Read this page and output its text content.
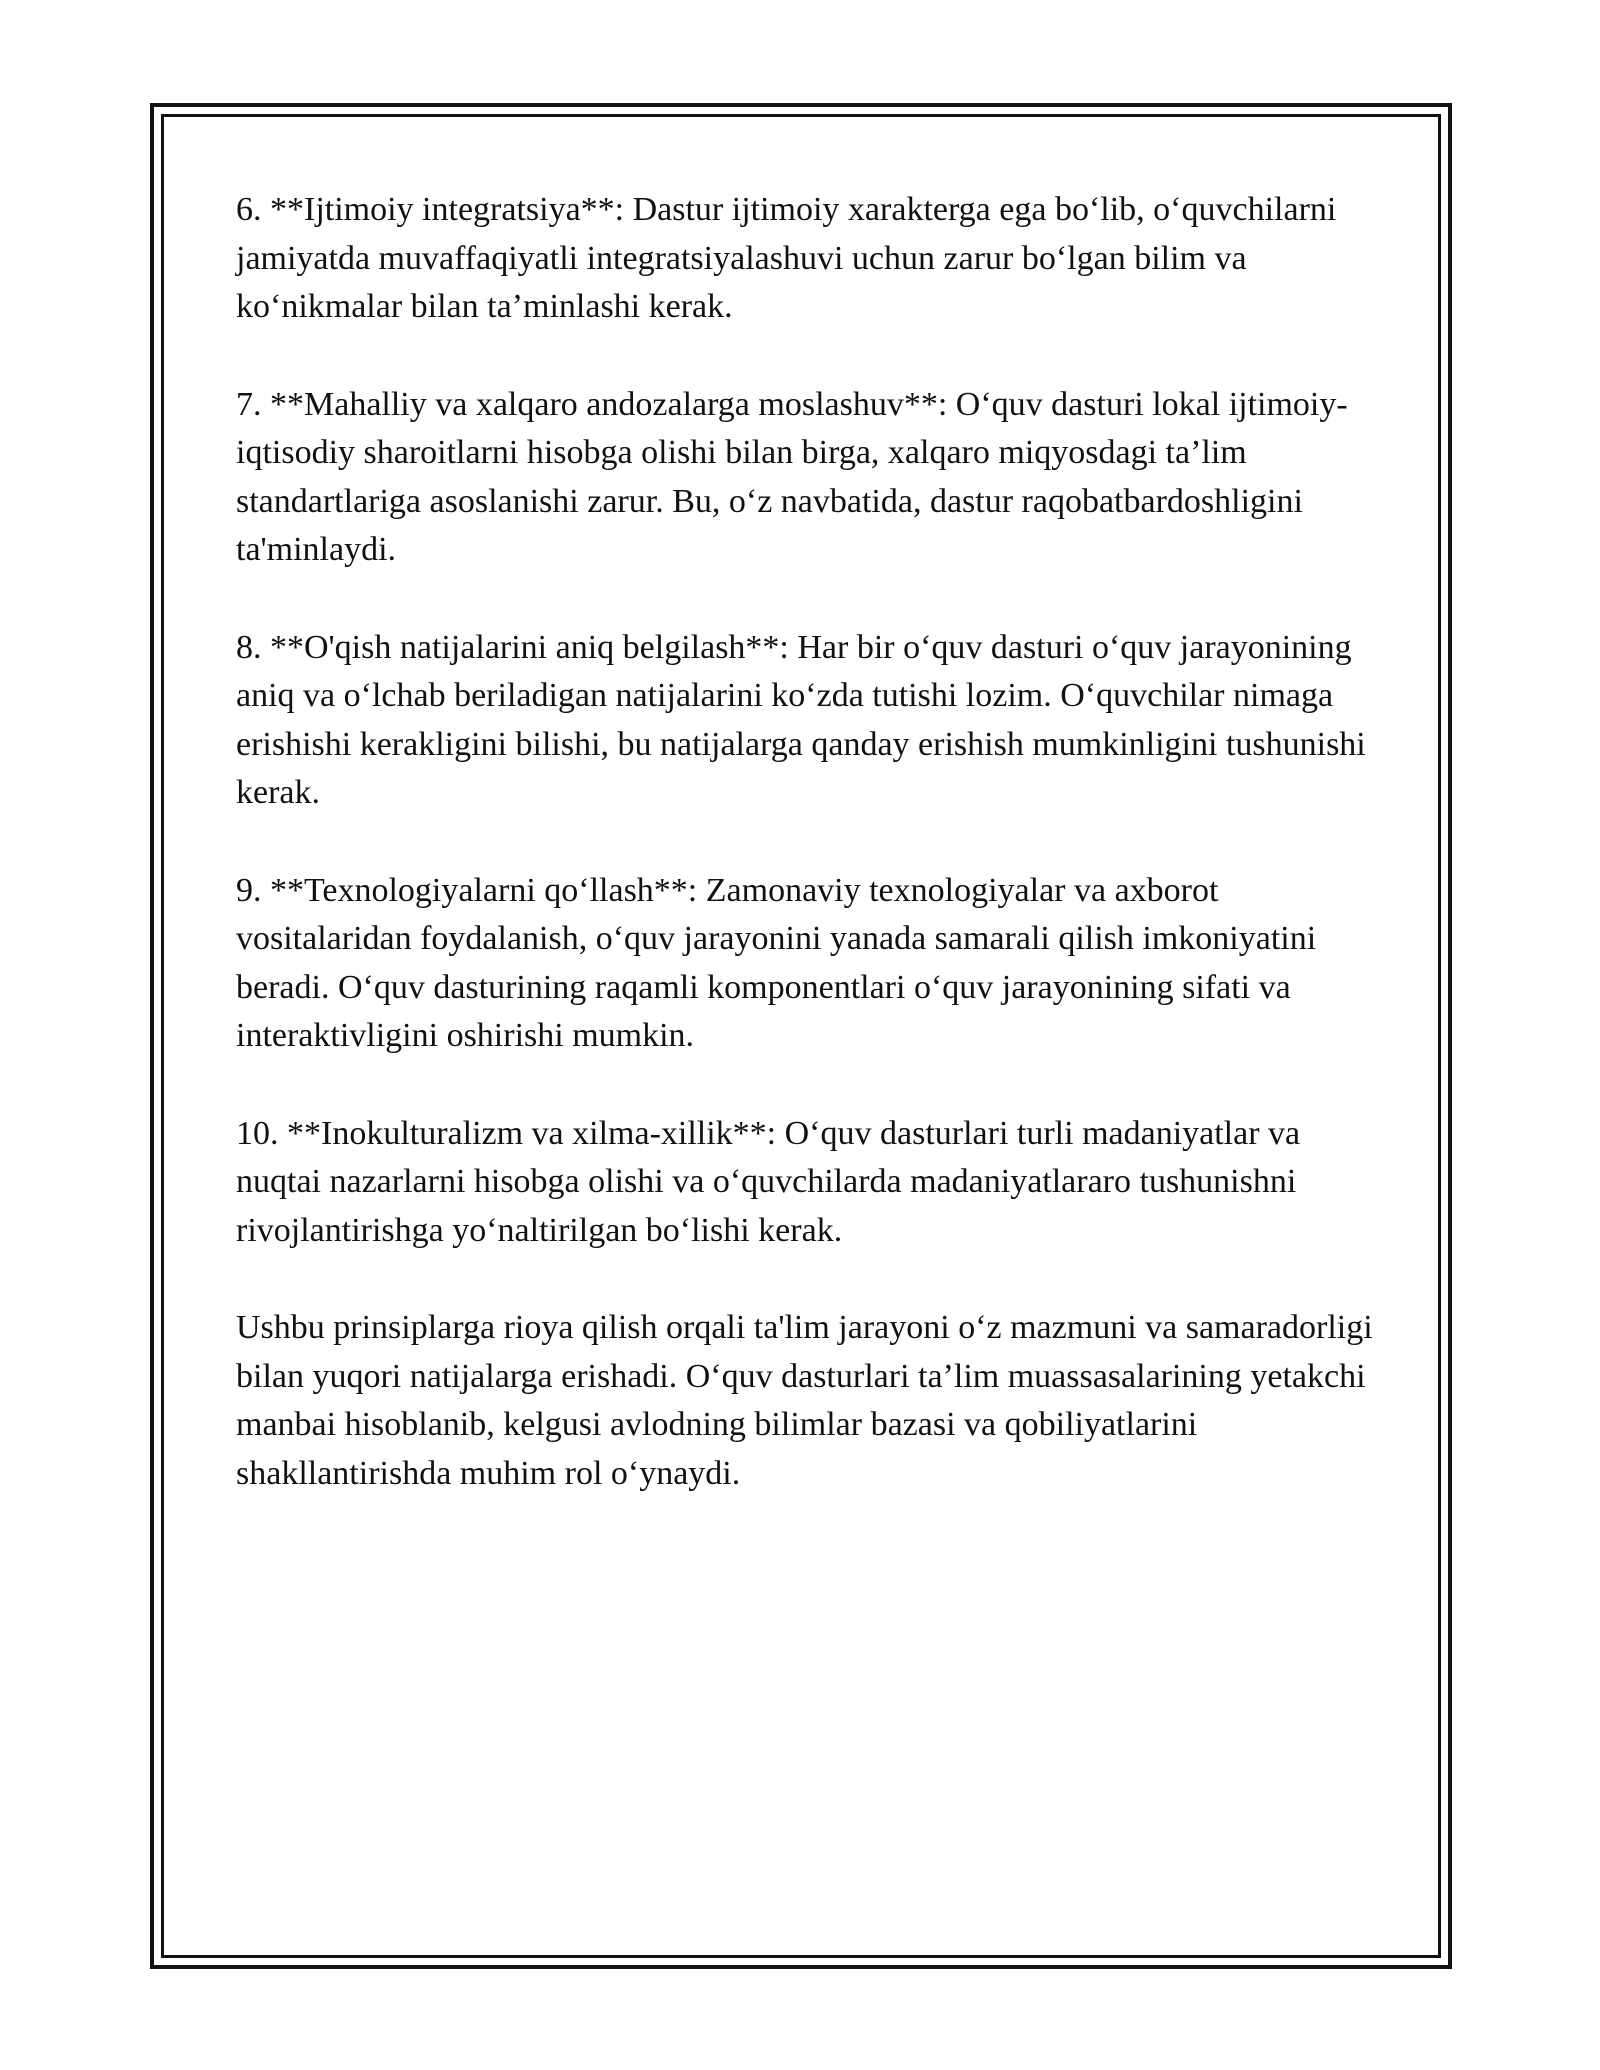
6. **Ijtimoiy integratsiya**: Dastur ijtimoiy xarakterga ega bo‘lib, o‘quvchilarni jamiyatda muvaffaqiyatli integratsiyalashuvi uchun zarur bo‘lgan bilim va ko‘nikmalar bilan ta’minlashi kerak.

7. **Mahalliy va xalqaro andozalarga moslashuv**: O‘quv dasturi lokal ijtimoiy-iqtisodiy sharoitlarni hisobga olishi bilan birga, xalqaro miqyosdagi ta’lim standartlariga asoslanishi zarur. Bu, o‘z navbatida, dastur raqobatbardoshligini ta'minlaydi.

8. **O'qish natijalarini aniq belgilash**: Har bir o‘quv dasturi o‘quv jarayonining aniq va o‘lchab beriladigan natijalarini ko‘zda tutishi lozim. O‘quvchilar nimaga erishishi kerakligini bilishi, bu natijalarga qanday erishish mumkinligini tushunishi kerak.

9. **Texnologiyalarni qo‘llash**: Zamonaviy texnologiyalar va axborot vositalaridan foydalanish, o‘quv jarayonini yanada samarali qilish imkoniyatini beradi. O‘quv dasturining raqamli komponentlari o‘quv jarayonining sifati va interaktivligini oshirishi mumkin.

10. **Inokulturalizm va xilma-xillik**: O‘quv dasturlari turli madaniyatlar va nuqtai nazarlarni hisobga olishi va o‘quvchilarda madaniyatlararo tushunishni rivojlantirishga yo‘naltirilgan bo‘lishi kerak.

Ushbu prinsiplarga rioya qilish orqali ta'lim jarayoni o‘z mazmuni va samaradorligi bilan yuqori natijalarga erishadi. O‘quv dasturlari ta’lim muassasalarining yetakchi manbai hisoblanib, kelgusi avlodning bilimlar bazasi va qobiliyatlarini shakllantirishda muhim rol o‘ynaydi.
